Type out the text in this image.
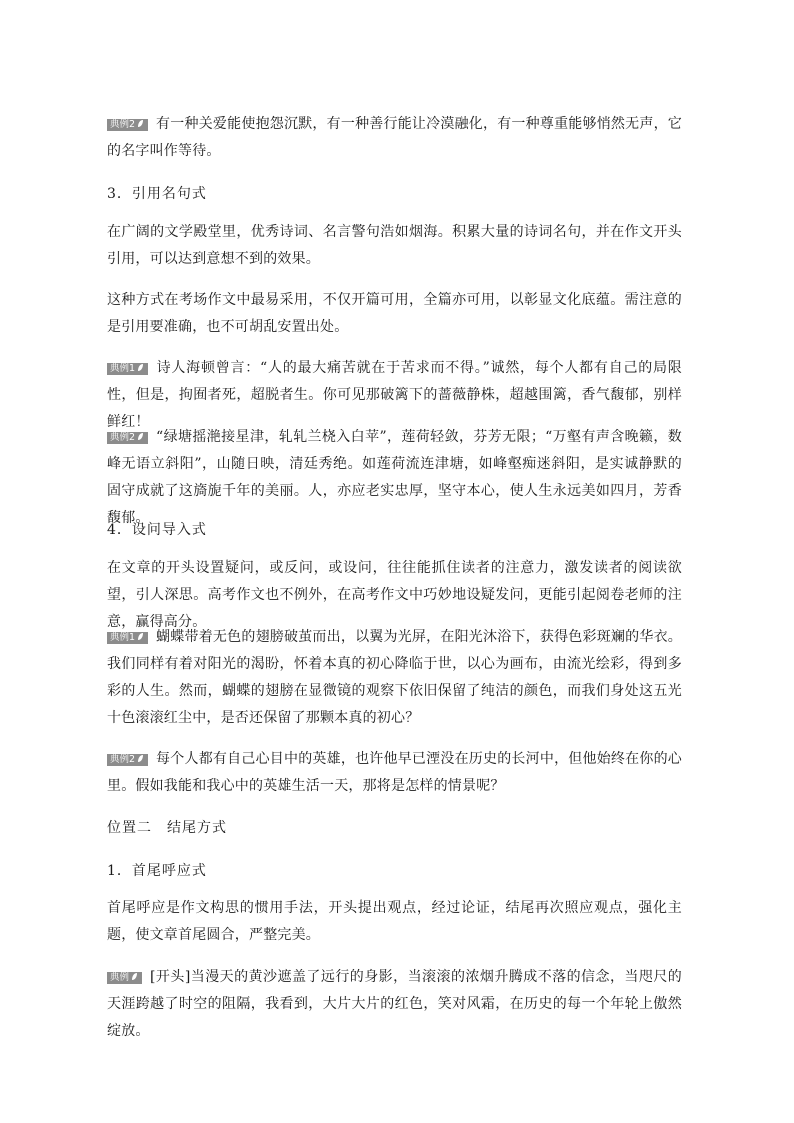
典例2 有一种关爱能使抱怨沉默，有一种善行能让冷漠融化，有一种尊重能够悄然无声，它的名字叫作等待。

3．引用名句式

在广阔的文学殿堂里，优秀诗词、名言警句浩如烟海。积累大量的诗词名句，并在作文开头引用，可以达到意想不到的效果。

这种方式在考场作文中最易采用，不仅开篇可用，全篇亦可用，以彰显文化底蕴。需注意的是引用要准确，也不可胡乱安置出处。

典例1 诗人海顿曾言：“人的最大痛苦就在于苦求而不得。”诚然，每个人都有自己的局限性，但是，拘囿者死，超脱者生。你可见那破篱下的蔷薇静株，超越围篱，香气馥郁，别样鲜红！

典例2 “绿塘摇滟接星津，轧轧兰桡入白苹”，莲荷轻敛，芬芳无限；“万壑有声含晚籁，数峰无语立斜阳”，山随日映，清廷秀绝。如莲荷流连津塘，如峰壑痴迷斜阳，是实诚静默的固守成就了这旖旎千年的美丽。人，亦应老实忠厚，坚守本心，使人生永远美如四月，芳香馥郁。

4．设问导入式

在文章的开头设置疑问，或反问，或设问，往往能抓住读者的注意力，激发读者的阅读欲望，引人深思。高考作文也不例外，在高考作文中巧妙地设疑发问，更能引起阅卷老师的注意，赢得高分。

典例1 蝴蝶带着无色的翅膀破茧而出，以翼为光屏，在阳光沐浴下，获得色彩斑斓的华衣。我们同样有着对阳光的渴盼，怀着本真的初心降临于世，以心为画布，由流光绘彩，得到多彩的人生。然而，蝴蝶的翅膀在显微镜的观察下依旧保留了纯洁的颜色，而我们身处这五光十色滚滚红尘中，是否还保留了那颗本真的初心？

典例2 每个人都有自己心目中的英雄，也许他早已湮没在历史的长河中，但他始终在你的心里。假如我能和我心中的英雄生活一天，那将是怎样的情景呢？

位置二　结尾方式

1．首尾呼应式

首尾呼应是作文构思的惯用手法，开头提出观点，经过论证，结尾再次照应观点，强化主题，使文章首尾圆合，严整完美。

典例 [开头]当漫天的黄沙遮盖了远行的身影，当滚滚的浓烟升腾成不落的信念，当咫尺的天涯跨越了时空的阻隔，我看到，大片大片的红色，笑对风霜，在历史的每一个年轮上傲然绽放。
